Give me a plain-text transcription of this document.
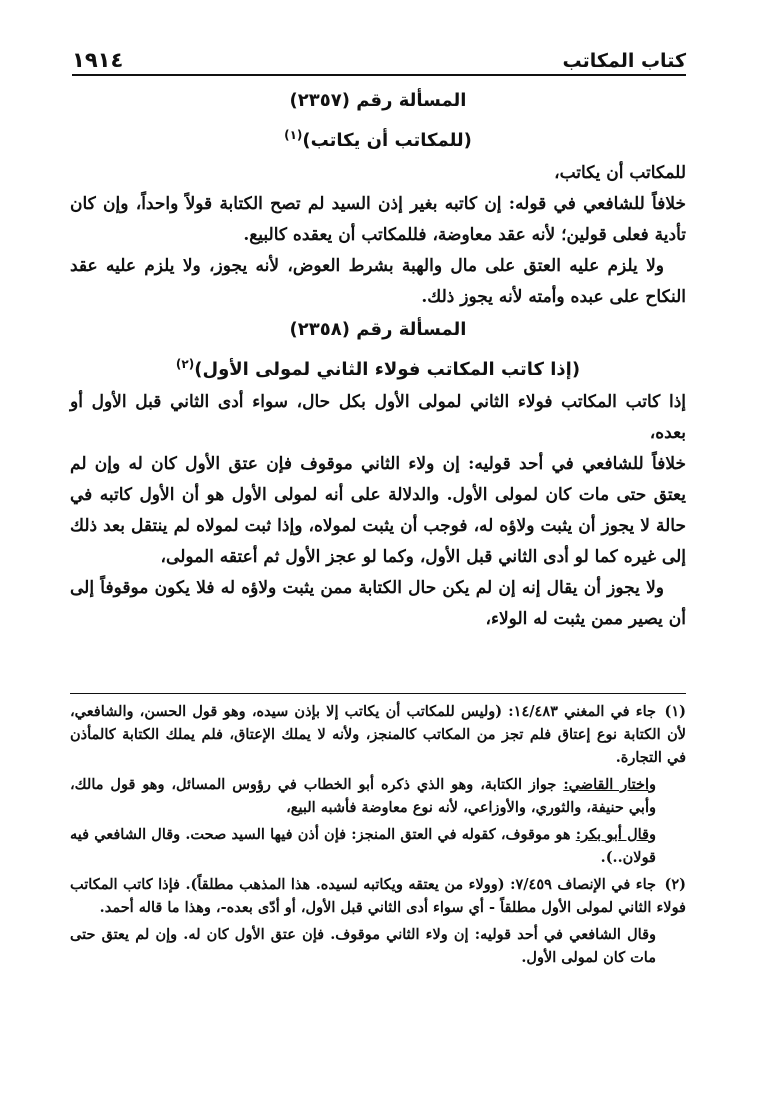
كتاب المكاتب
١٩١٤

المسألة رقم (٢٣٥٧)

(للمكاتب أن يكاتب)$^{(١)}$

للمكاتب أن يكاتب،

خلافاً للشافعي في قوله: إن كاتبه بغير إذن السيد لم تصح الكتابة قولاً واحداً، وإن كان تأدية فعلى قولين؛ لأنه عقد معاوضة، فللمكاتب أن يعقده كالبيع.

ولا يلزم عليه العتق على مال والهبة بشرط العوض، لأنه يجوز، ولا يلزم عليه عقد النكاح على عبده وأمته لأنه يجوز ذلك.

المسألة رقم (٢٣٥٨)

(إذا كاتب المكاتب فولاء الثاني لمولى الأول)$^{(٢)}$

إذا كاتب المكاتب فولاء الثاني لمولى الأول بكل حال، سواء أدى الثاني قبل الأول أو بعده،

خلافاً للشافعي في أحد قوليه: إن ولاء الثاني موقوف فإن عتق الأول كان له وإن لم يعتق حتى مات كان لمولى الأول. والدلالة على أنه لمولى الأول هو أن الأول كاتبه في حالة لا يجوز أن يثبت ولاؤه له، فوجب أن يثبت لمولاه، وإذا ثبت لمولاه لم ينتقل بعد ذلك إلى غيره كما لو أدى الثاني قبل الأول، وكما لو عجز الأول ثم أعتقه المولى،

ولا يجوز أن يقال إنه إن لم يكن حال الكتابة ممن يثبت ولاؤه له فلا يكون موقوفاً إلى أن يصير ممن يثبت له الولاء،

(١)جاء في المغني ١٤/٤٨٣: (وليس للمكاتب أن يكاتب إلا بإذن سيده، وهو قول الحسن، والشافعي، لأن الكتابة نوع إعتاق فلم تجز من المكاتب كالمنجز، ولأنه لا يملك الإعتاق، فلم يملك الكتابة كالمأذن في التجارة.

واختار القاضي: جواز الكتابة، وهو الذي ذكره أبو الخطاب في رؤوس المسائل، وهو قول مالك، وأبي حنيفة، والثوري، والأوزاعي، لأنه نوع معاوضة فأشبه البيع،

وقال أبو بكر: هو موقوف، كقوله في العتق المنجز: فإن أذن فيها السيد صحت. وقال الشافعي فيه قولان..).

(٢)جاء في الإنصاف ٧/٤٥٩: (وولاء من يعتقه ويكاتبه لسيده. هذا المذهب مطلقاً). فإذا كاتب المكاتب فولاء الثاني لمولى الأول مطلقاً - أي سواء أدى الثاني قبل الأول، أو أدّى بعده-، وهذا ما قاله أحمد.

وقال الشافعي في أحد قوليه: إن ولاء الثاني موقوف. فإن عتق الأول كان له. وإن لم يعتق حتى مات كان لمولى الأول.
